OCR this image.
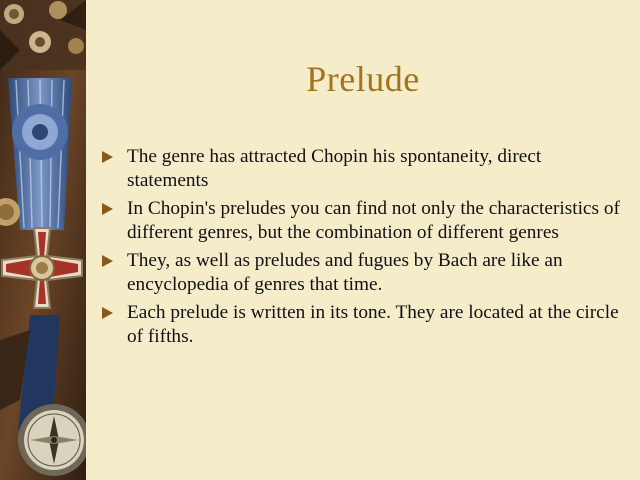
Prelude
The genre has attracted Chopin his spontaneity, direct statements
In Chopin's preludes you can find not only the characteristics of different genres, but the combination of different genres
They, as well as preludes and fugues by Bach are like an encyclopedia of genres that time.
Each prelude is written in its tone. They are located at the circle of fifths.
